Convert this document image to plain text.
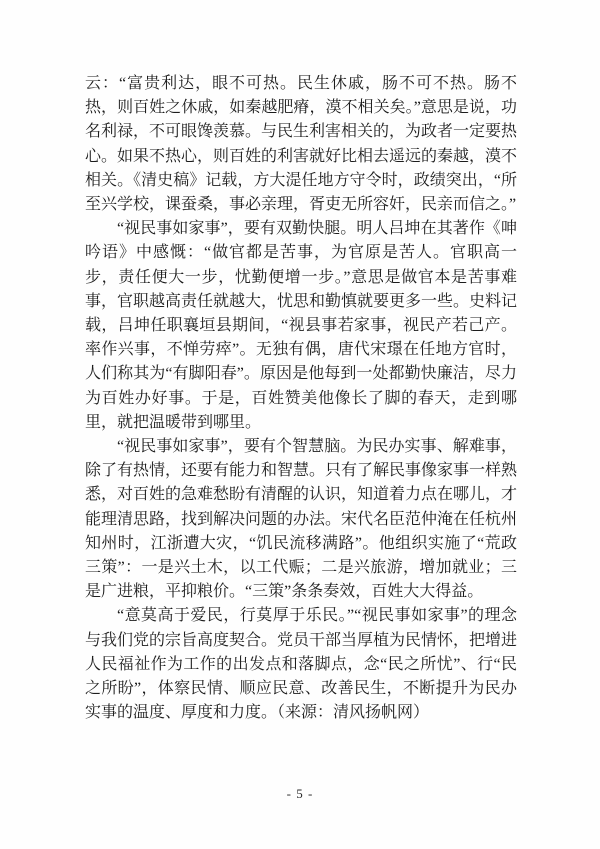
云：“富贵利达，眼不可热。民生休戚，肠不可不热。肠不热，则百姓之休戚，如秦越肥瘠，漠不相关矣。”意思是说，功名利禄，不可眼馋羡慕。与民生利害相关的，为政者一定要热心。如果不热心，则百姓的利害就好比相去遥远的秦越，漠不相关。《清史稿》记载，方大湜任地方守令时，政绩突出，“所至兴学校，课蚕桑，事必亲理，胥吏无所容奸，民亲而信之。”

“视民事如家事”，要有双勤快腿。明人吕坤在其著作《呻吟语》中感慨：“做官都是苦事，为官原是苦人。官职高一步，责任便大一步，忧勤便增一步。”意思是做官本是苦事难事，官职越高责任就越大，忧思和勤慎就要更多一些。史料记载，吕坤任职襄垣县期间，“视县事若家事，视民产若己产。率作兴事，不惮劳瘁”。无独有偶，唐代宋璟在任地方官时，人们称其为“有脚阳春”。原因是他每到一处都勤快廉洁，尽力为百姓办好事。于是，百姓赞美他像长了脚的春天，走到哪里，就把温暖带到哪里。

“视民事如家事”，要有个智慧脑。为民办实事、解难事，除了有热情，还要有能力和智慧。只有了解民事像家事一样熟悉，对百姓的急难愁盼有清醒的认识，知道着力点在哪儿，才能理清思路，找到解决问题的办法。宋代名臣范仲淹在任杭州知州时，江浙遭大灾，“饥民流移满路”。他组织实施了“荒政三策”：一是兴土木，以工代赈；二是兴旅游，增加就业；三是广进粮，平抑粮价。“三策”条条奏效，百姓大大得益。

“意莫高于爱民，行莫厚于乐民。”“视民事如家事”的理念与我们党的宗旨高度契合。党员干部当厚植为民情怀，把增进人民福祉作为工作的出发点和落脚点，念“民之所忧”、行“民之所盼”，体察民情、顺应民意、改善民生，不断提升为民办实事的温度、厚度和力度。（来源：清风扬帆网）

- 5 -
